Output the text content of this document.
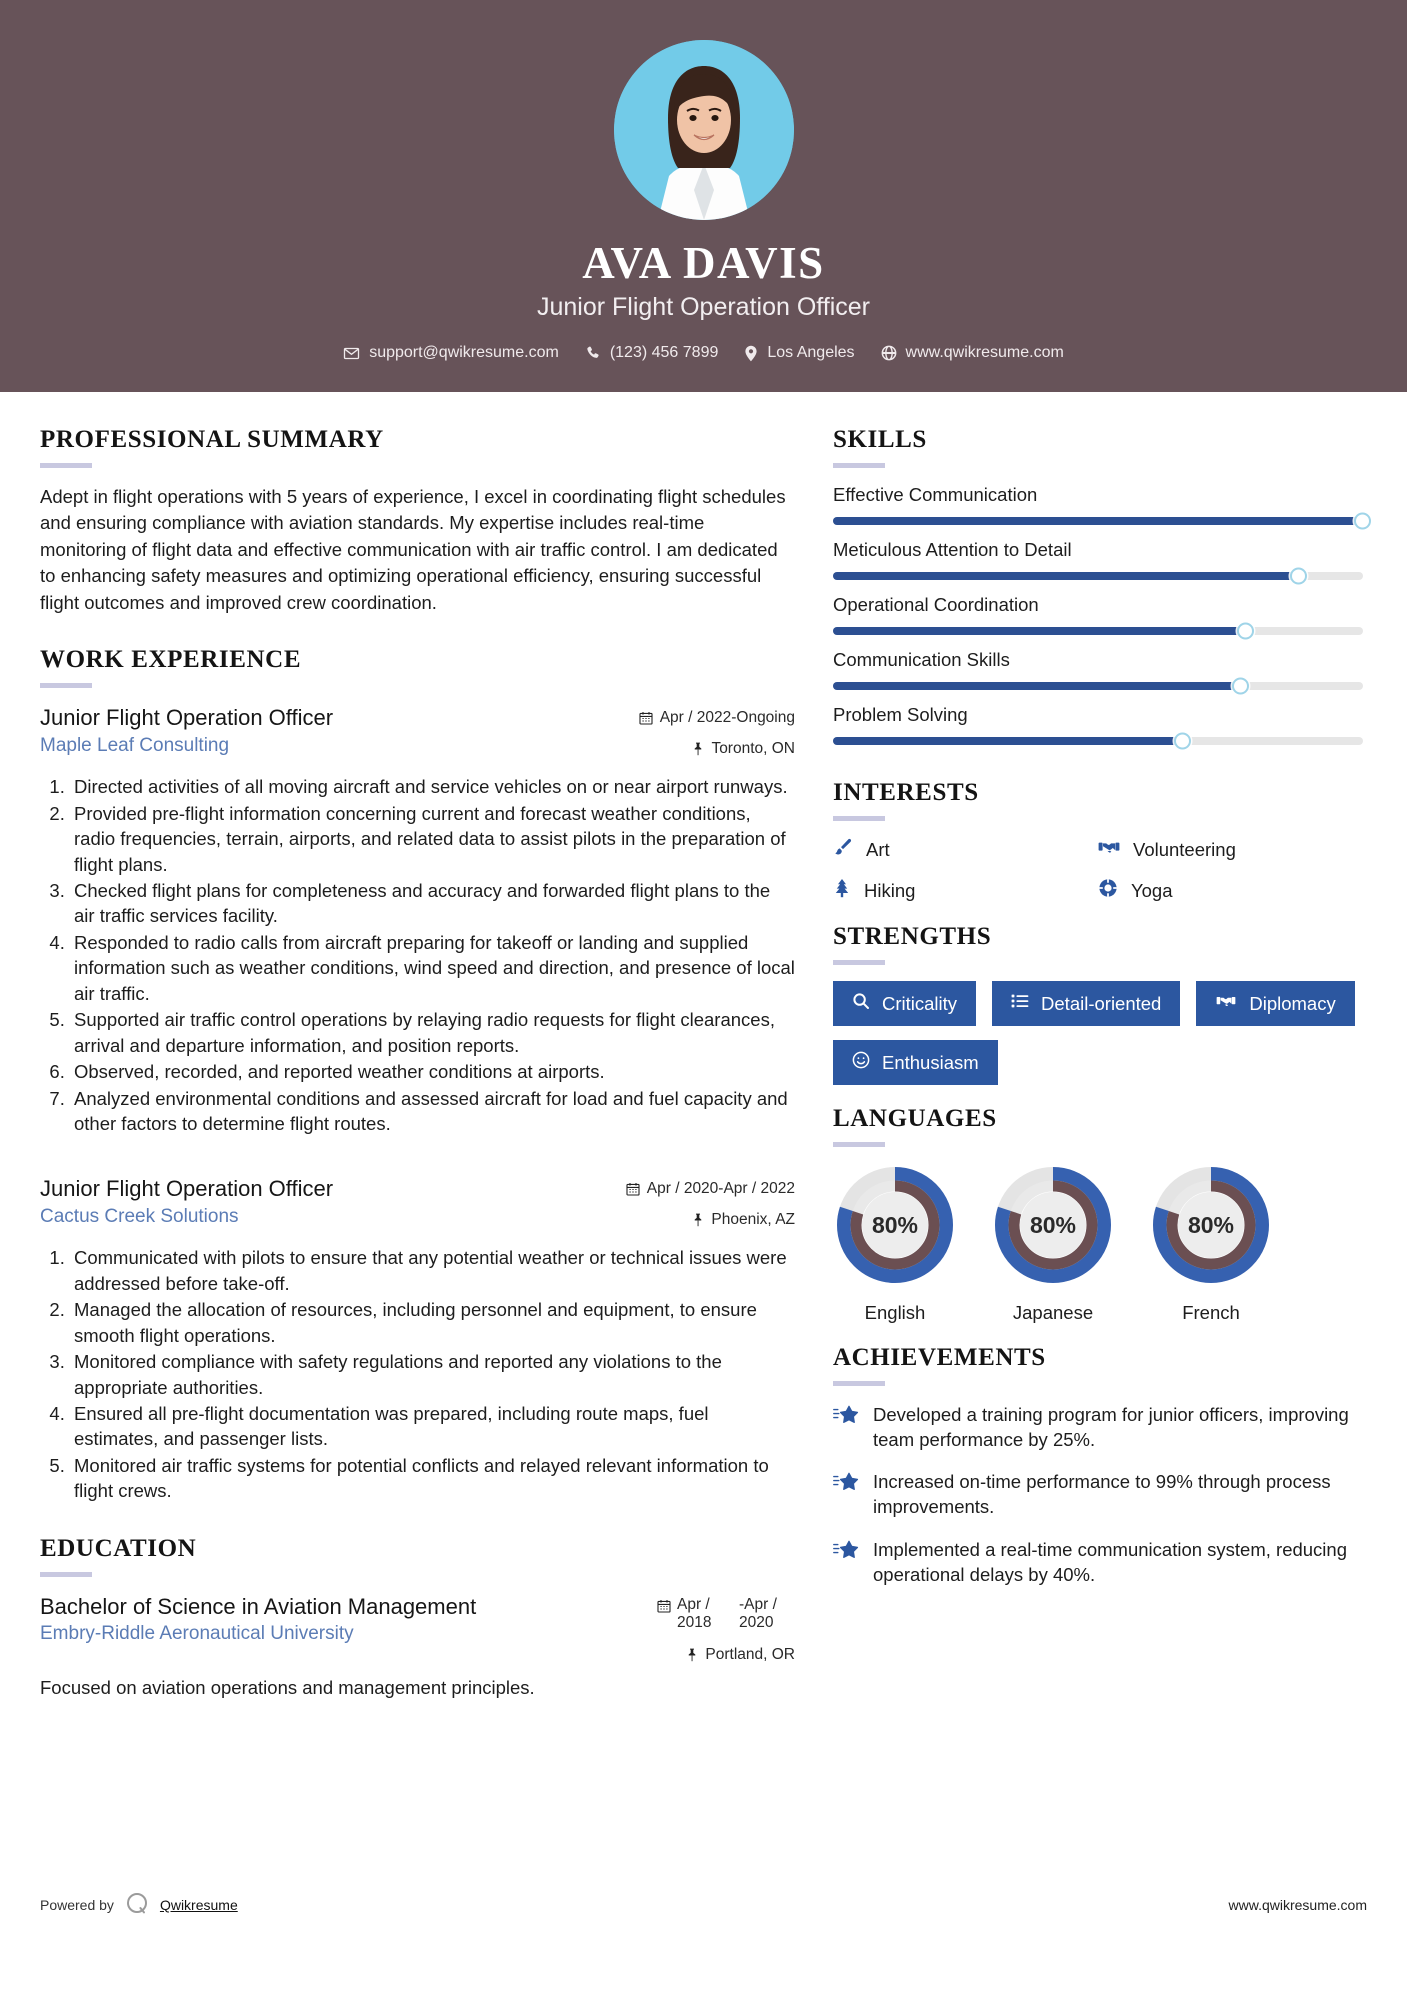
AVA DAVIS
Junior Flight Operation Officer
support@qwikresume.com	(123) 456 7899	Los Angeles	www.qwikresume.com
PROFESSIONAL SUMMARY
Adept in flight operations with 5 years of experience, I excel in coordinating flight schedules and ensuring compliance with aviation standards. My expertise includes real-time monitoring of flight data and effective communication with air traffic control. I am dedicated to enhancing safety measures and optimizing operational efficiency, ensuring successful flight outcomes and improved crew coordination.
WORK EXPERIENCE
Junior Flight Operation Officer
Maple Leaf Consulting
Apr / 2022-Ongoing
Toronto, ON
1. Directed activities of all moving aircraft and service vehicles on or near airport runways.
2. Provided pre-flight information concerning current and forecast weather conditions, radio frequencies, terrain, airports, and related data to assist pilots in the preparation of flight plans.
3. Checked flight plans for completeness and accuracy and forwarded flight plans to the air traffic services facility.
4. Responded to radio calls from aircraft preparing for takeoff or landing and supplied information such as weather conditions, wind speed and direction, and presence of local air traffic.
5. Supported air traffic control operations by relaying radio requests for flight clearances, arrival and departure information, and position reports.
6. Observed, recorded, and reported weather conditions at airports.
7. Analyzed environmental conditions and assessed aircraft for load and fuel capacity and other factors to determine flight routes.
Junior Flight Operation Officer
Cactus Creek Solutions
Apr / 2020-Apr / 2022
Phoenix, AZ
1. Communicated with pilots to ensure that any potential weather or technical issues were addressed before take-off.
2. Managed the allocation of resources, including personnel and equipment, to ensure smooth flight operations.
3. Monitored compliance with safety regulations and reported any violations to the appropriate authorities.
4. Ensured all pre-flight documentation was prepared, including route maps, fuel estimates, and passenger lists.
5. Monitored air traffic systems for potential conflicts and relayed relevant information to flight crews.
EDUCATION
Bachelor of Science in Aviation Management
Embry-Riddle Aeronautical University
Apr / 2018
-Apr / 2020
Portland, OR
Focused on aviation operations and management principles.
SKILLS
Effective Communication
Meticulous Attention to Detail
Operational Coordination
Communication Skills
Problem Solving
INTERESTS
Art	Volunteering
Hiking	Yoga
STRENGTHS
Criticality	Detail-oriented	Diplomacy
Enthusiasm
LANGUAGES
80%
English
80%
Japanese
80%
French
ACHIEVEMENTS
Developed a training program for junior officers, improving team performance by 25%.
Increased on-time performance to 99% through process improvements.
Implemented a real-time communication system, reducing operational delays by 40%.
Powered by	Qwikresume	www.qwikresume.com
